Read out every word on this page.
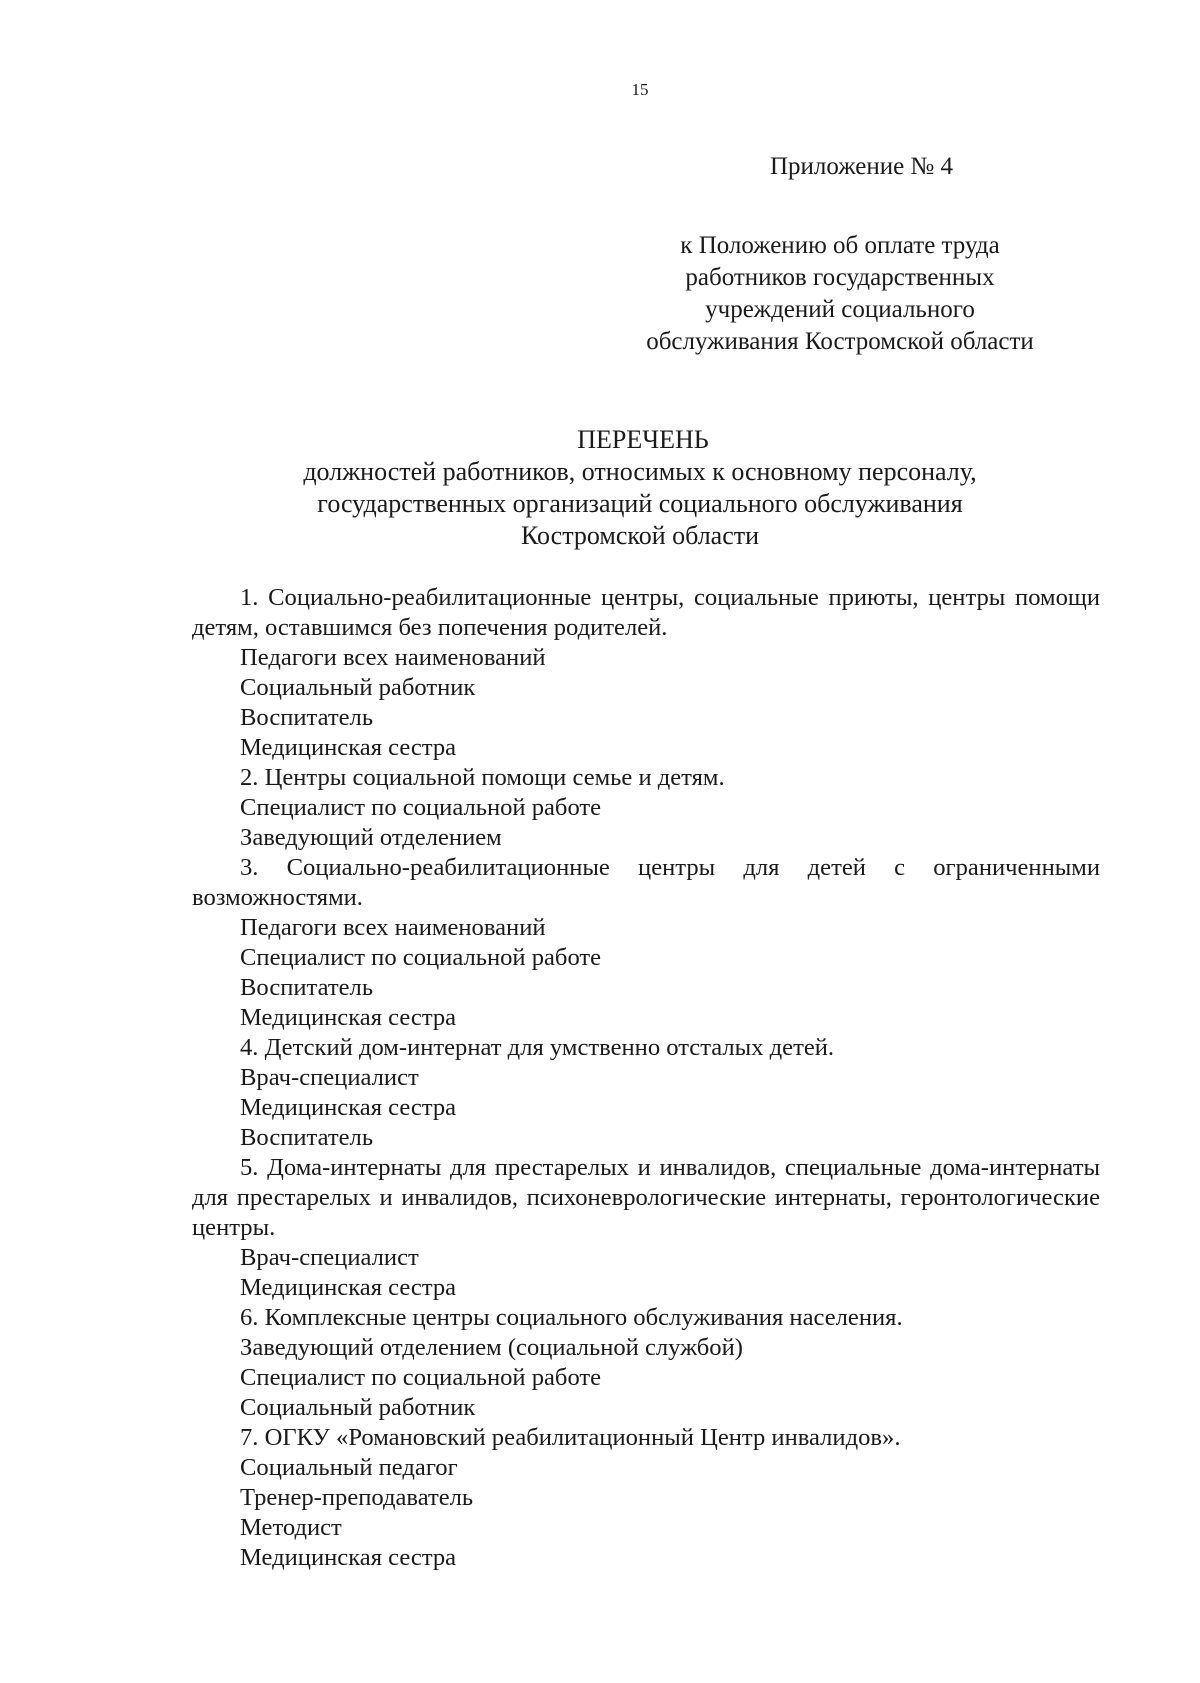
15
Приложение № 4
к Положению об оплате труда
работников государственных
учреждений социального
обслуживания Костромской области
ПЕРЕЧЕНЬ
должностей работников, относимых к основному персоналу,
государственных организаций социального обслуживания
Костромской области

1. Социально-реабилитационные центры, социальные приюты, центры помощи детям, оставшимся без попечения родителей.

Педагоги всех наименований
Социальный работник
Воспитатель
Медицинская сестра

2. Центры социальной помощи семье и детям.

Специалист по социальной работе
Заведующий отделением

3. Социально-реабилитационные центры для детей с ограниченными возможностями.

Педагоги всех наименований
Специалист по социальной работе
Воспитатель
Медицинская сестра

4. Детский дом-интернат для умственно отсталых детей.

Врач-специалист
Медицинская сестра
Воспитатель

5. Дома-интернаты для престарелых и инвалидов, специальные дома-интернаты для престарелых и инвалидов, психоневрологические интернаты, геронтологические центры.

Врач-специалист
Медицинская сестра

6. Комплексные центры социального обслуживания населения.

Заведующий отделением (социальной службой)
Специалист по социальной работе
Социальный работник

7. ОГКУ «Романовский реабилитационный Центр инвалидов».

Социальный педагог
Тренер-преподаватель
Методист
Медицинская сестра
